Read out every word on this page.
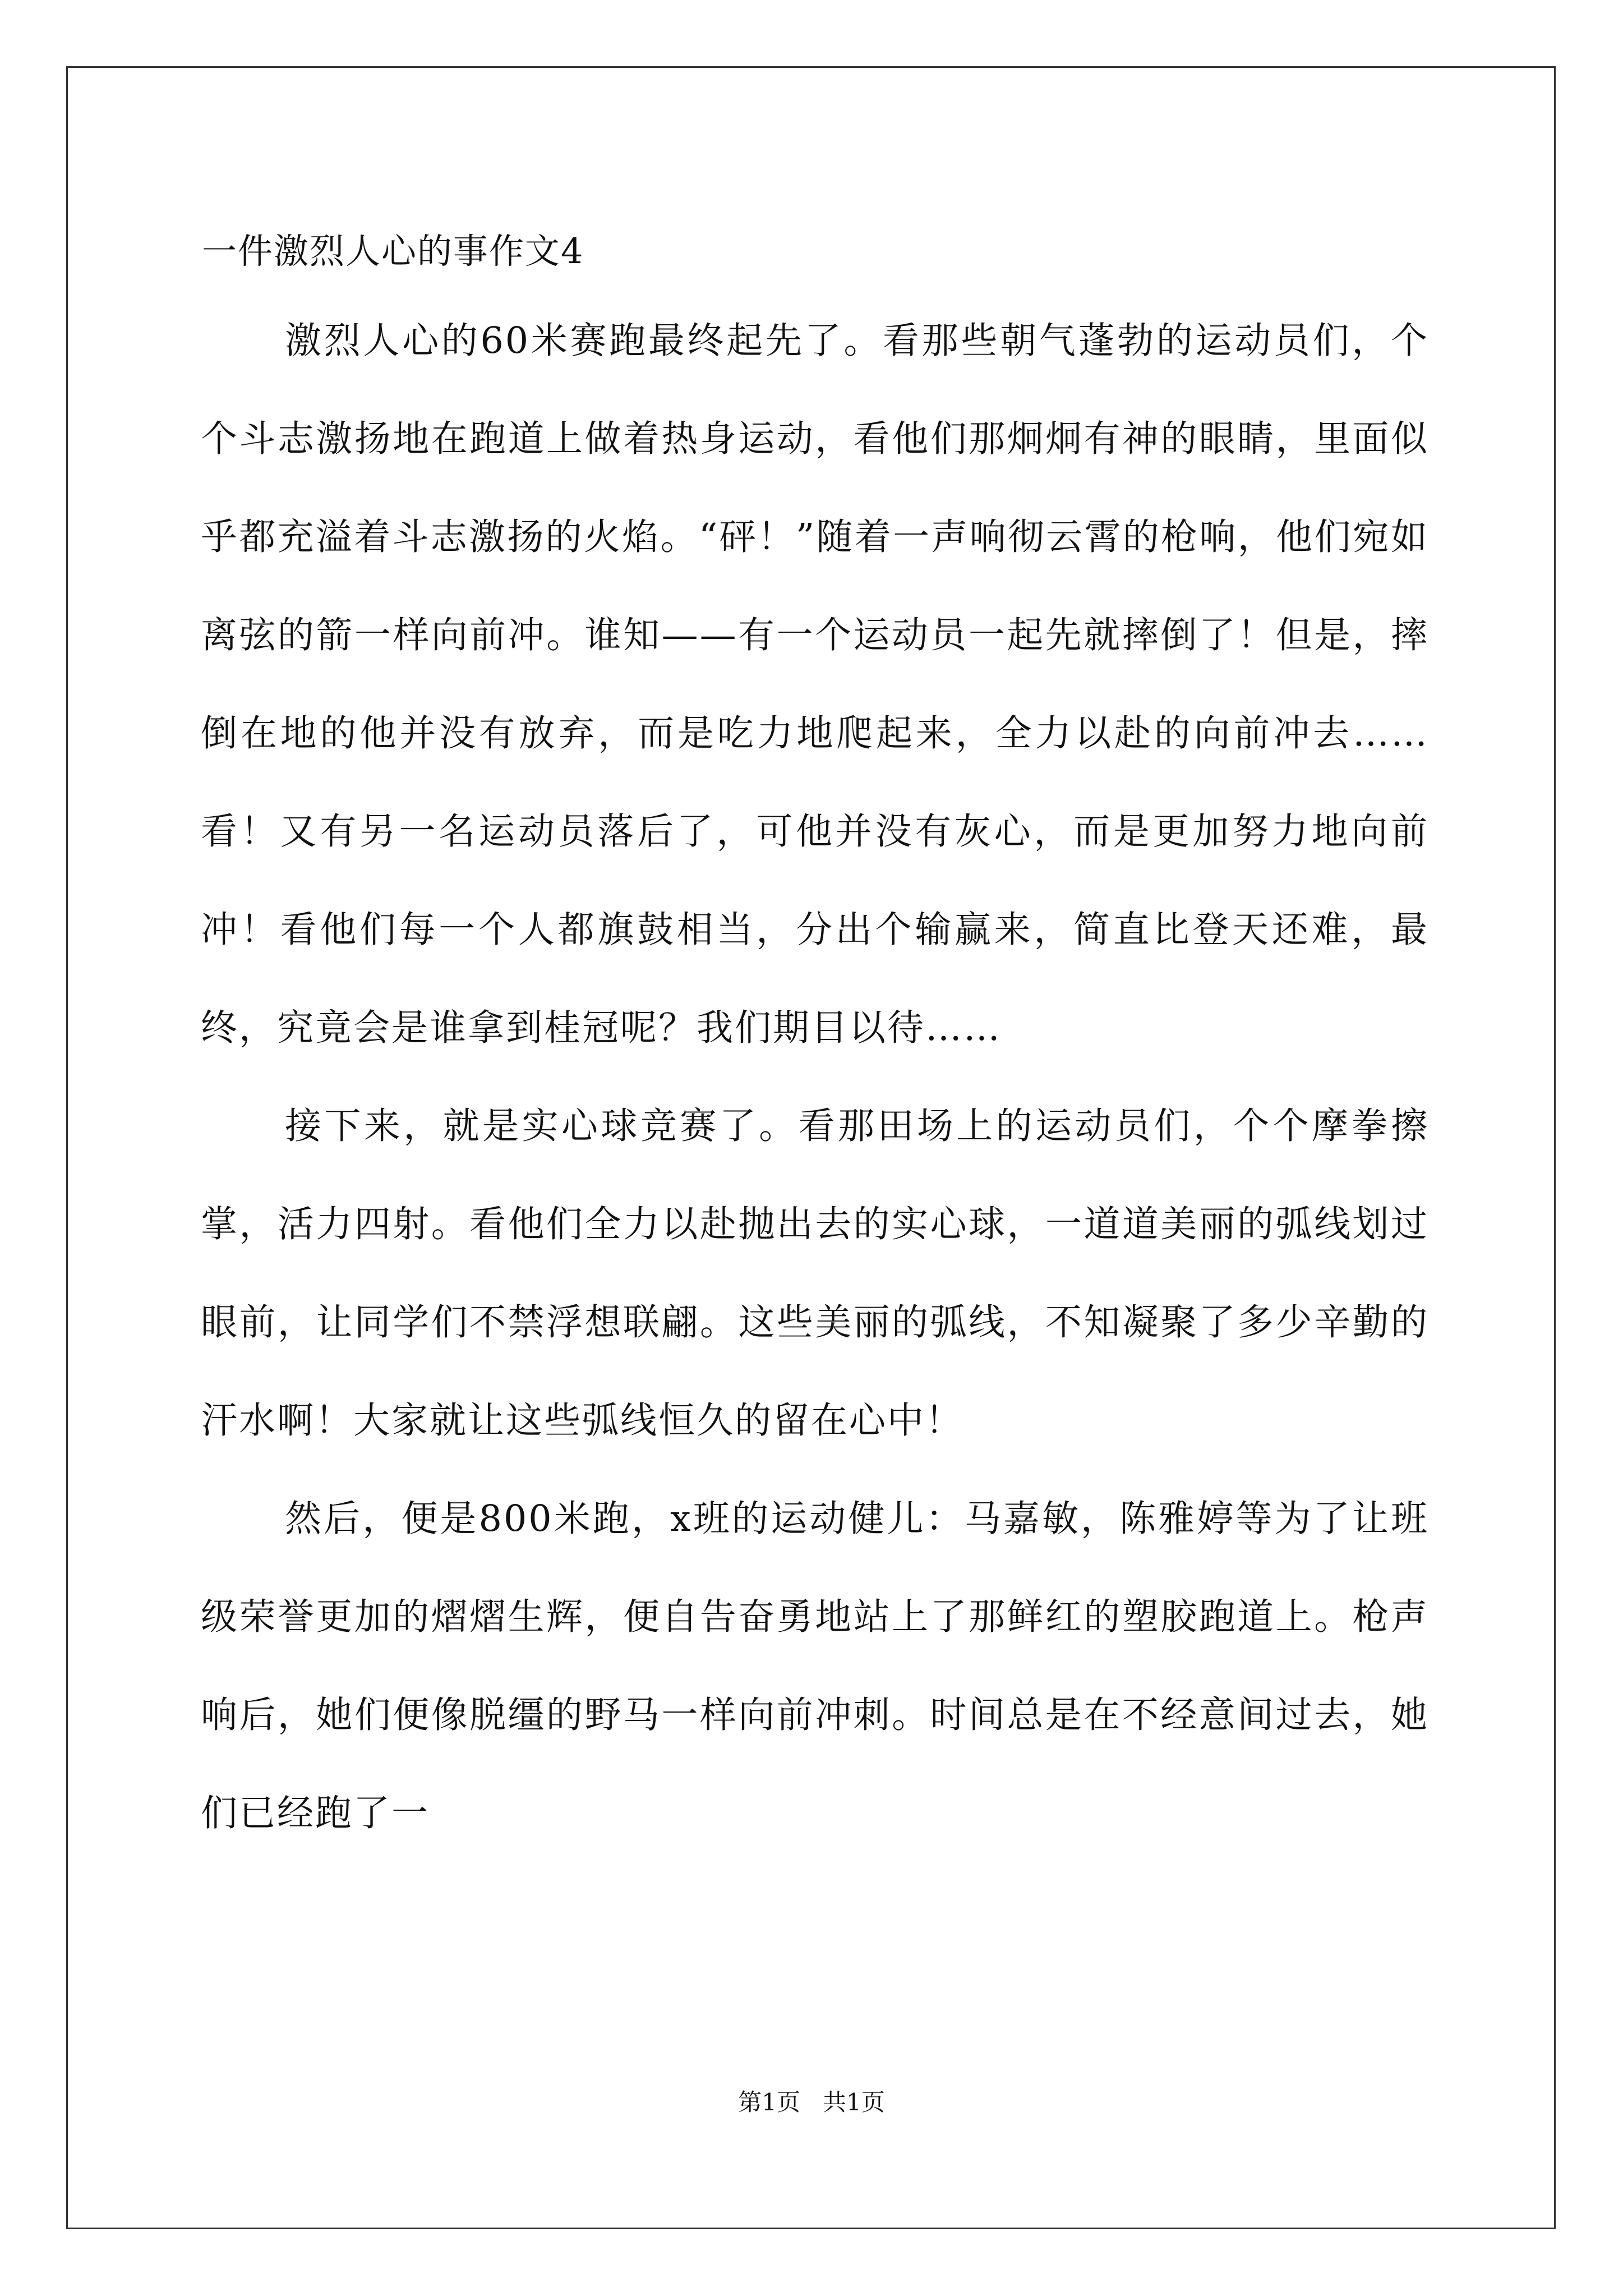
一件激烈人心的事作文4

激烈人心的60米赛跑最终起先了。看那些朝气蓬勃的运动员们，个个斗志激扬地在跑道上做着热身运动，看他们那炯炯有神的眼睛，里面似乎都充溢着斗志激扬的火焰。“砰！”随着一声响彻云霄的枪响，他们宛如离弦的箭一样向前冲。谁知——有一个运动员一起先就摔倒了！但是，摔倒在地的他并没有放弃，而是吃力地爬起来，全力以赴的向前冲去……看！又有另一名运动员落后了，可他并没有灰心，而是更加努力地向前冲！看他们每一个人都旗鼓相当，分出个输赢来，简直比登天还难，最终，究竟会是谁拿到桂冠呢？我们期目以待……

接下来，就是实心球竞赛了。看那田场上的运动员们，个个摩拳擦掌，活力四射。看他们全力以赴抛出去的实心球，一道道美丽的弧线划过眼前，让同学们不禁浮想联翩。这些美丽的弧线，不知凝聚了多少辛勤的汗水啊！大家就让这些弧线恒久的留在心中！

然后，便是800米跑，x班的运动健儿：马嘉敏，陈雅婷等为了让班级荣誉更加的熠熠生辉，便自告奋勇地站上了那鲜红的塑胶跑道上。枪声响后，她们便像脱缰的野马一样向前冲刺。时间总是在不经意间过去，她们已经跑了一

第1页   共1页
